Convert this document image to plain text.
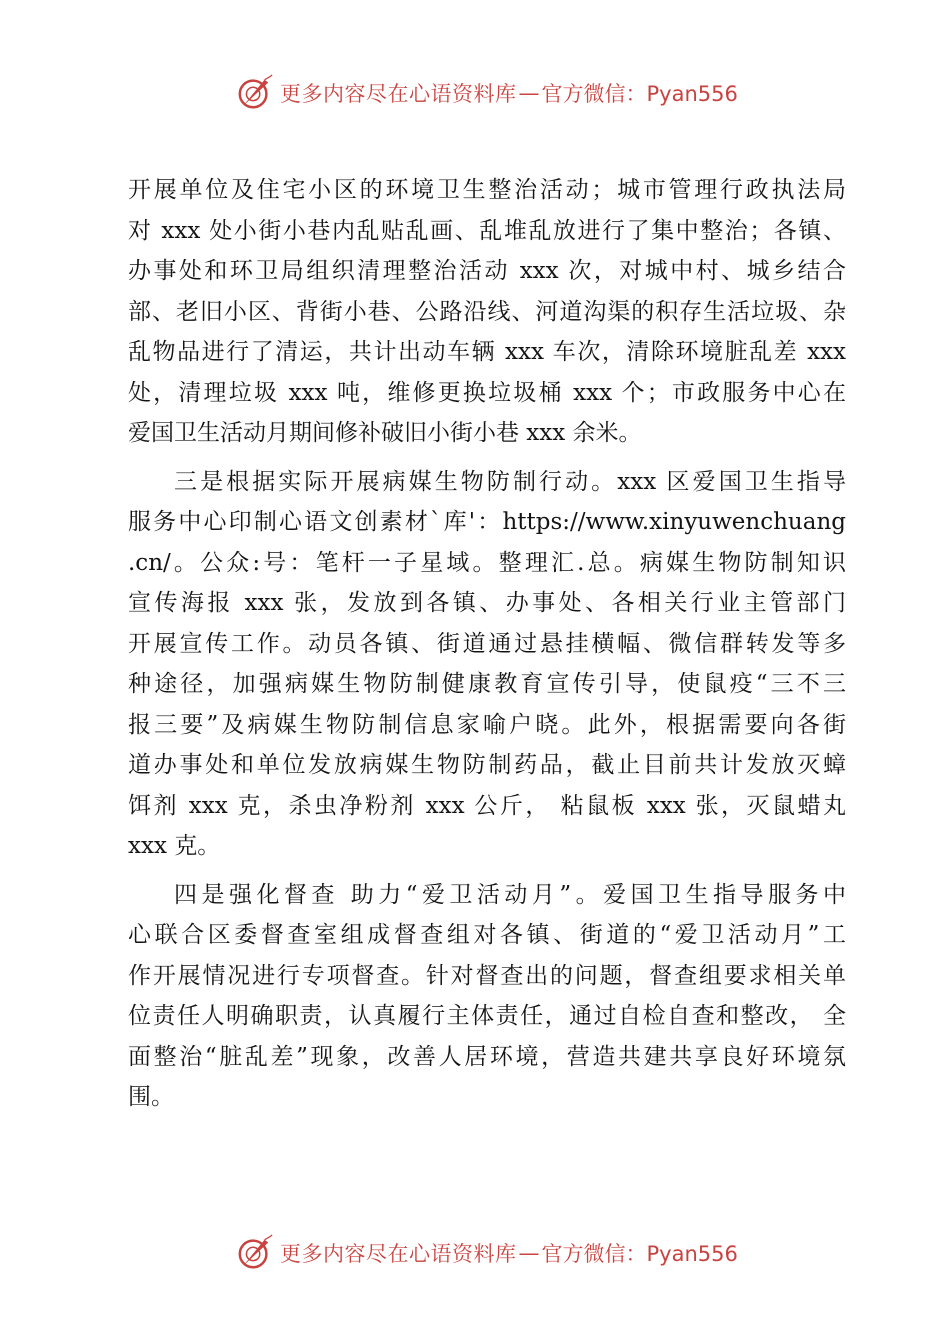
更多内容尽在心语资料库 — 官方微信：Pyan556
开展单位及住宅小区的环境卫生整治活动；城市管理行政执法局
对 xxx 处小街小巷内乱贴乱画、乱堆乱放进行了集中整治；各镇、
办事处和环卫局组织清理整治活动 xxx 次，对城中村、城乡结合
部、老旧小区、背街小巷、公路沿线、河道沟渠的积存生活垃圾、杂
乱物品进行了清运，共计出动车辆 xxx 车次，清除环境脏乱差 xxx
处，清理垃圾 xxx 吨，维修更换垃圾桶 xxx 个；市政服务中心在
爱国卫生活动月期间修补破旧小街小巷 xxx 余米。
三是根据实际开展病媒生物防制行动。xxx 区爱国卫生指导
服务中心印制心语文创素材`库'：https://www.xinyuwenchuang
.cn/。公众:号：笔杆一子星域。整理汇.总。病媒生物防制知识
宣传海报 xxx 张，发放到各镇、办事处、各相关行业主管部门
开展宣传工作。动员各镇、街道通过悬挂横幅、微信群转发等多
种途径，加强病媒生物防制健康教育宣传引导，使鼠疫“三不三
报三要”及病媒生物防制信息家喻户晓。此外，根据需要向各街
道办事处和单位发放病媒生物防制药品，截止目前共计发放灭蟑
饵剂 xxx 克，杀虫净粉剂 xxx 公斤， 粘鼠板 xxx 张，灭鼠蜡丸
xxx 克。
四是强化督查 助力“爱卫活动月”。爱国卫生指导服务中
心联合区委督查室组成督查组对各镇、街道的“爱卫活动月”工
作开展情况进行专项督查。针对督查出的问题，督查组要求相关单
位责任人明确职责，认真履行主体责任，通过自检自查和整改， 全
面整治“脏乱差”现象，改善人居环境，营造共建共享良好环境氛
围。
更多内容尽在心语资料库 — 官方微信：Pyan556
